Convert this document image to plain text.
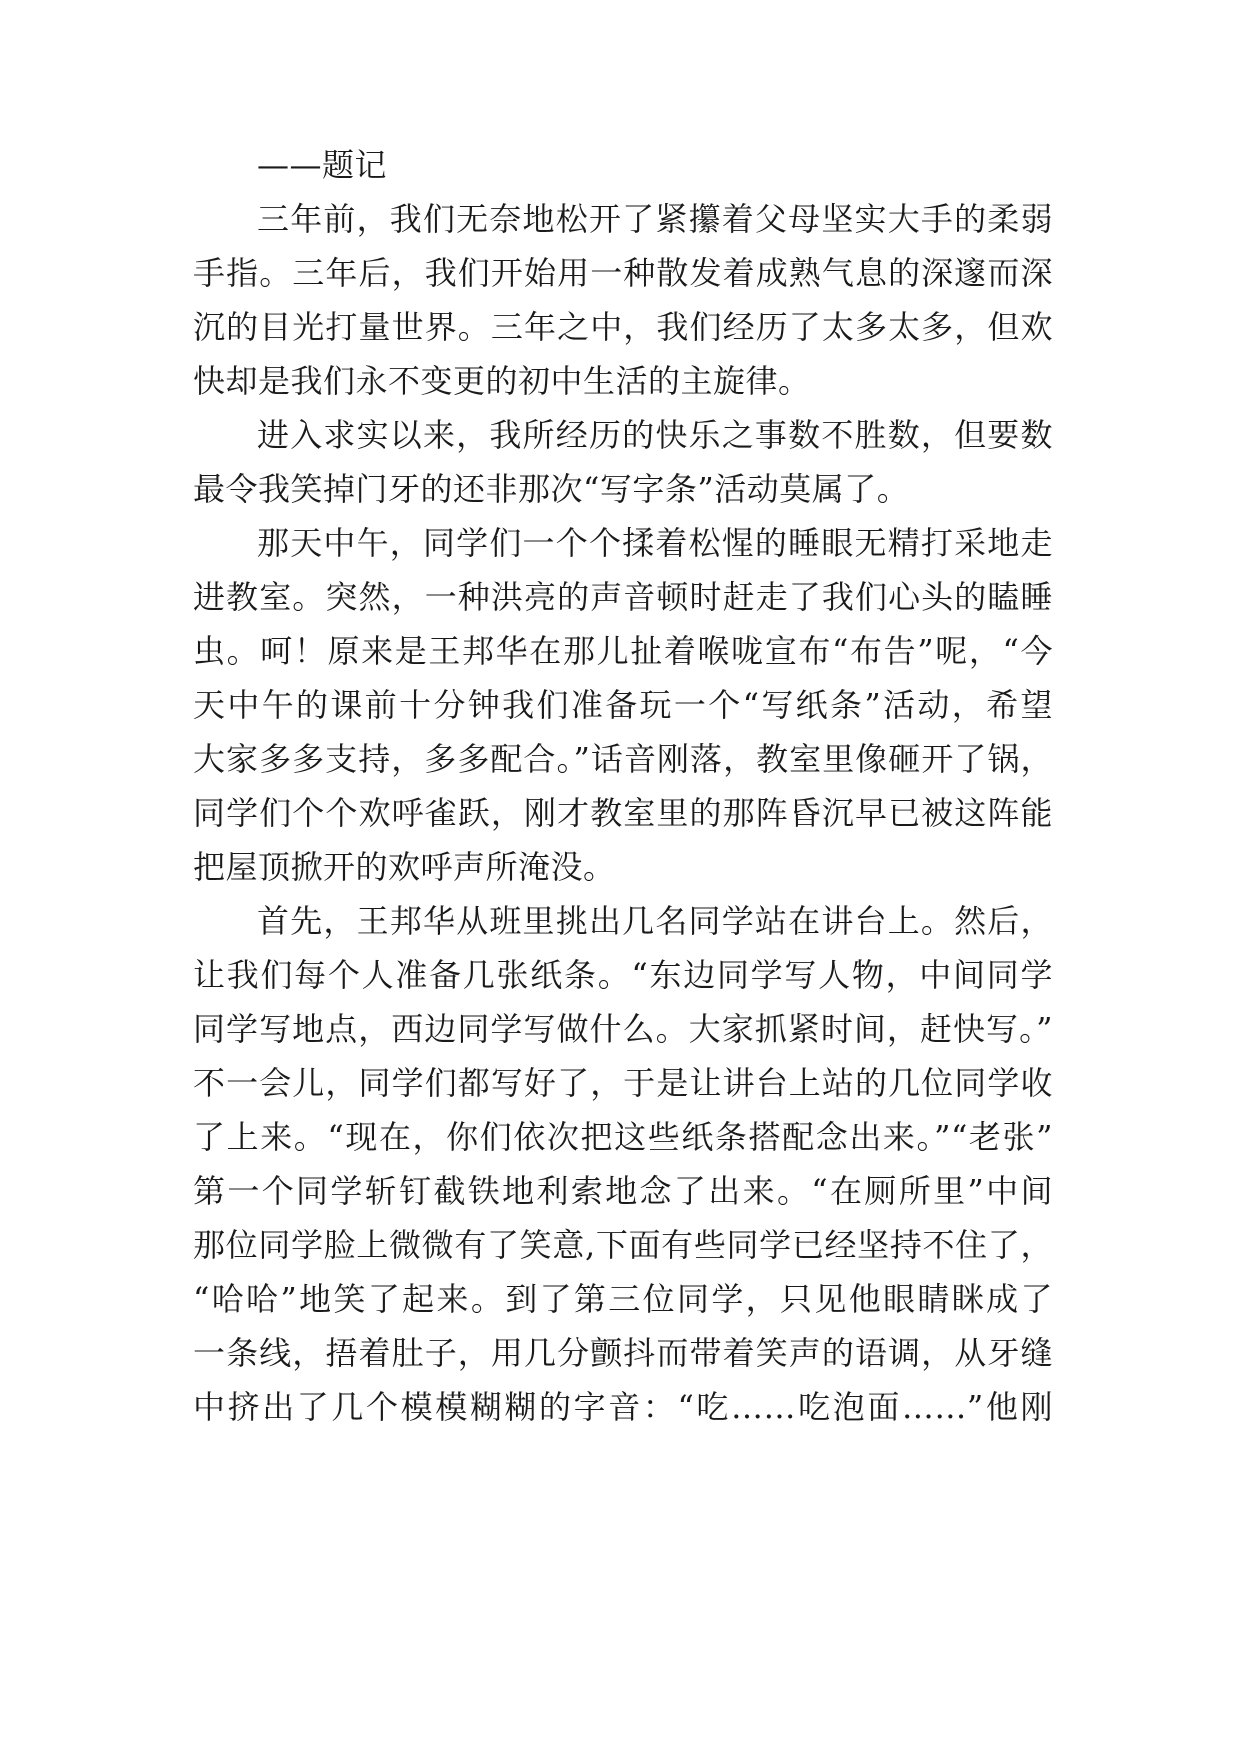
——题记
三年前，我们无奈地松开了紧攥着父母坚实大手的柔弱
手指。三年后，我们开始用一种散发着成熟气息的深邃而深
沉的目光打量世界。三年之中，我们经历了太多太多，但欢
快却是我们永不变更的初中生活的主旋律。
进入求实以来，我所经历的快乐之事数不胜数，但要数
最令我笑掉门牙的还非那次“写字条”活动莫属了。
那天中午，同学们一个个揉着松惺的睡眼无精打采地走
进教室。突然，一种洪亮的声音顿时赶走了我们心头的瞌睡
虫。呵！原来是王邦华在那儿扯着喉咙宣布“布告”呢，“今
天中午的课前十分钟我们准备玩一个“写纸条”活动，希望
大家多多支持，多多配合。”话音刚落，教室里像砸开了锅，
同学们个个欢呼雀跃，刚才教室里的那阵昏沉早已被这阵能
把屋顶掀开的欢呼声所淹没。
首先，王邦华从班里挑出几名同学站在讲台上。然后，
让我们每个人准备几张纸条。“东边同学写人物，中间同学
同学写地点，西边同学写做什么。大家抓紧时间，赶快写。”
不一会儿，同学们都写好了，于是让讲台上站的几位同学收
了上来。“现在，你们依次把这些纸条搭配念出来。”“老张”
第一个同学斩钉截铁地利索地念了出来。“在厕所里”中间
那位同学脸上微微有了笑意,下面有些同学已经坚持不住了，
“哈哈”地笑了起来。到了第三位同学，只见他眼睛眯成了
一条线，捂着肚子，用几分颤抖而带着笑声的语调，从牙缝
中挤出了几个模模糊糊的字音：“吃……吃泡面……”他刚
